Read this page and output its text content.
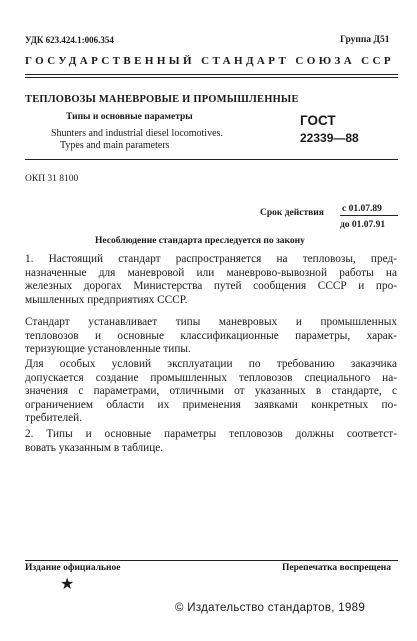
УДК 623.424.1:006.354	Группа Д51
ГОСУДАРСТВЕННЫЙ СТАНДАРТ СОЮЗА ССР
ТЕПЛОВОЗЫ МАНЕВРОВЫЕ И ПРОМЫШЛЕННЫЕ
Типы и основные параметры
Shunters and industrial diesel locomotives.
Types and main parameters
ГОСТ
22339—88
ОКП 31 8100
Срок действия с 01.07.89
до 01.07.91
Несоблюдение стандарта преследуется по закону
1. Настоящий стандарт распространяется на тепловозы, пред-
назначенные для маневровой или маневрово-вывозной работы на
железных дорогах Министерства путей сообщения СССР и про-
мышленных предприятиях СССР.
Стандарт устанавливает типы маневровых и промышленных
тепловозов и основные классификационные параметры, харак-
теризующие установленные типы.
Для особых условий эксплуатации по требованию заказчика
допускается создание промышленных тепловозов специального на-
значения с параметрами, отличными от указанных в стандарте, с
ограничением области их применения заявками конкретных по-
требителей.
2. Типы и основные параметры тепловозов должны соответст-
вовать указанным в таблице.
Издание официальное	Перепечатка воспрещена
★
© Издательство стандартов, 1989
